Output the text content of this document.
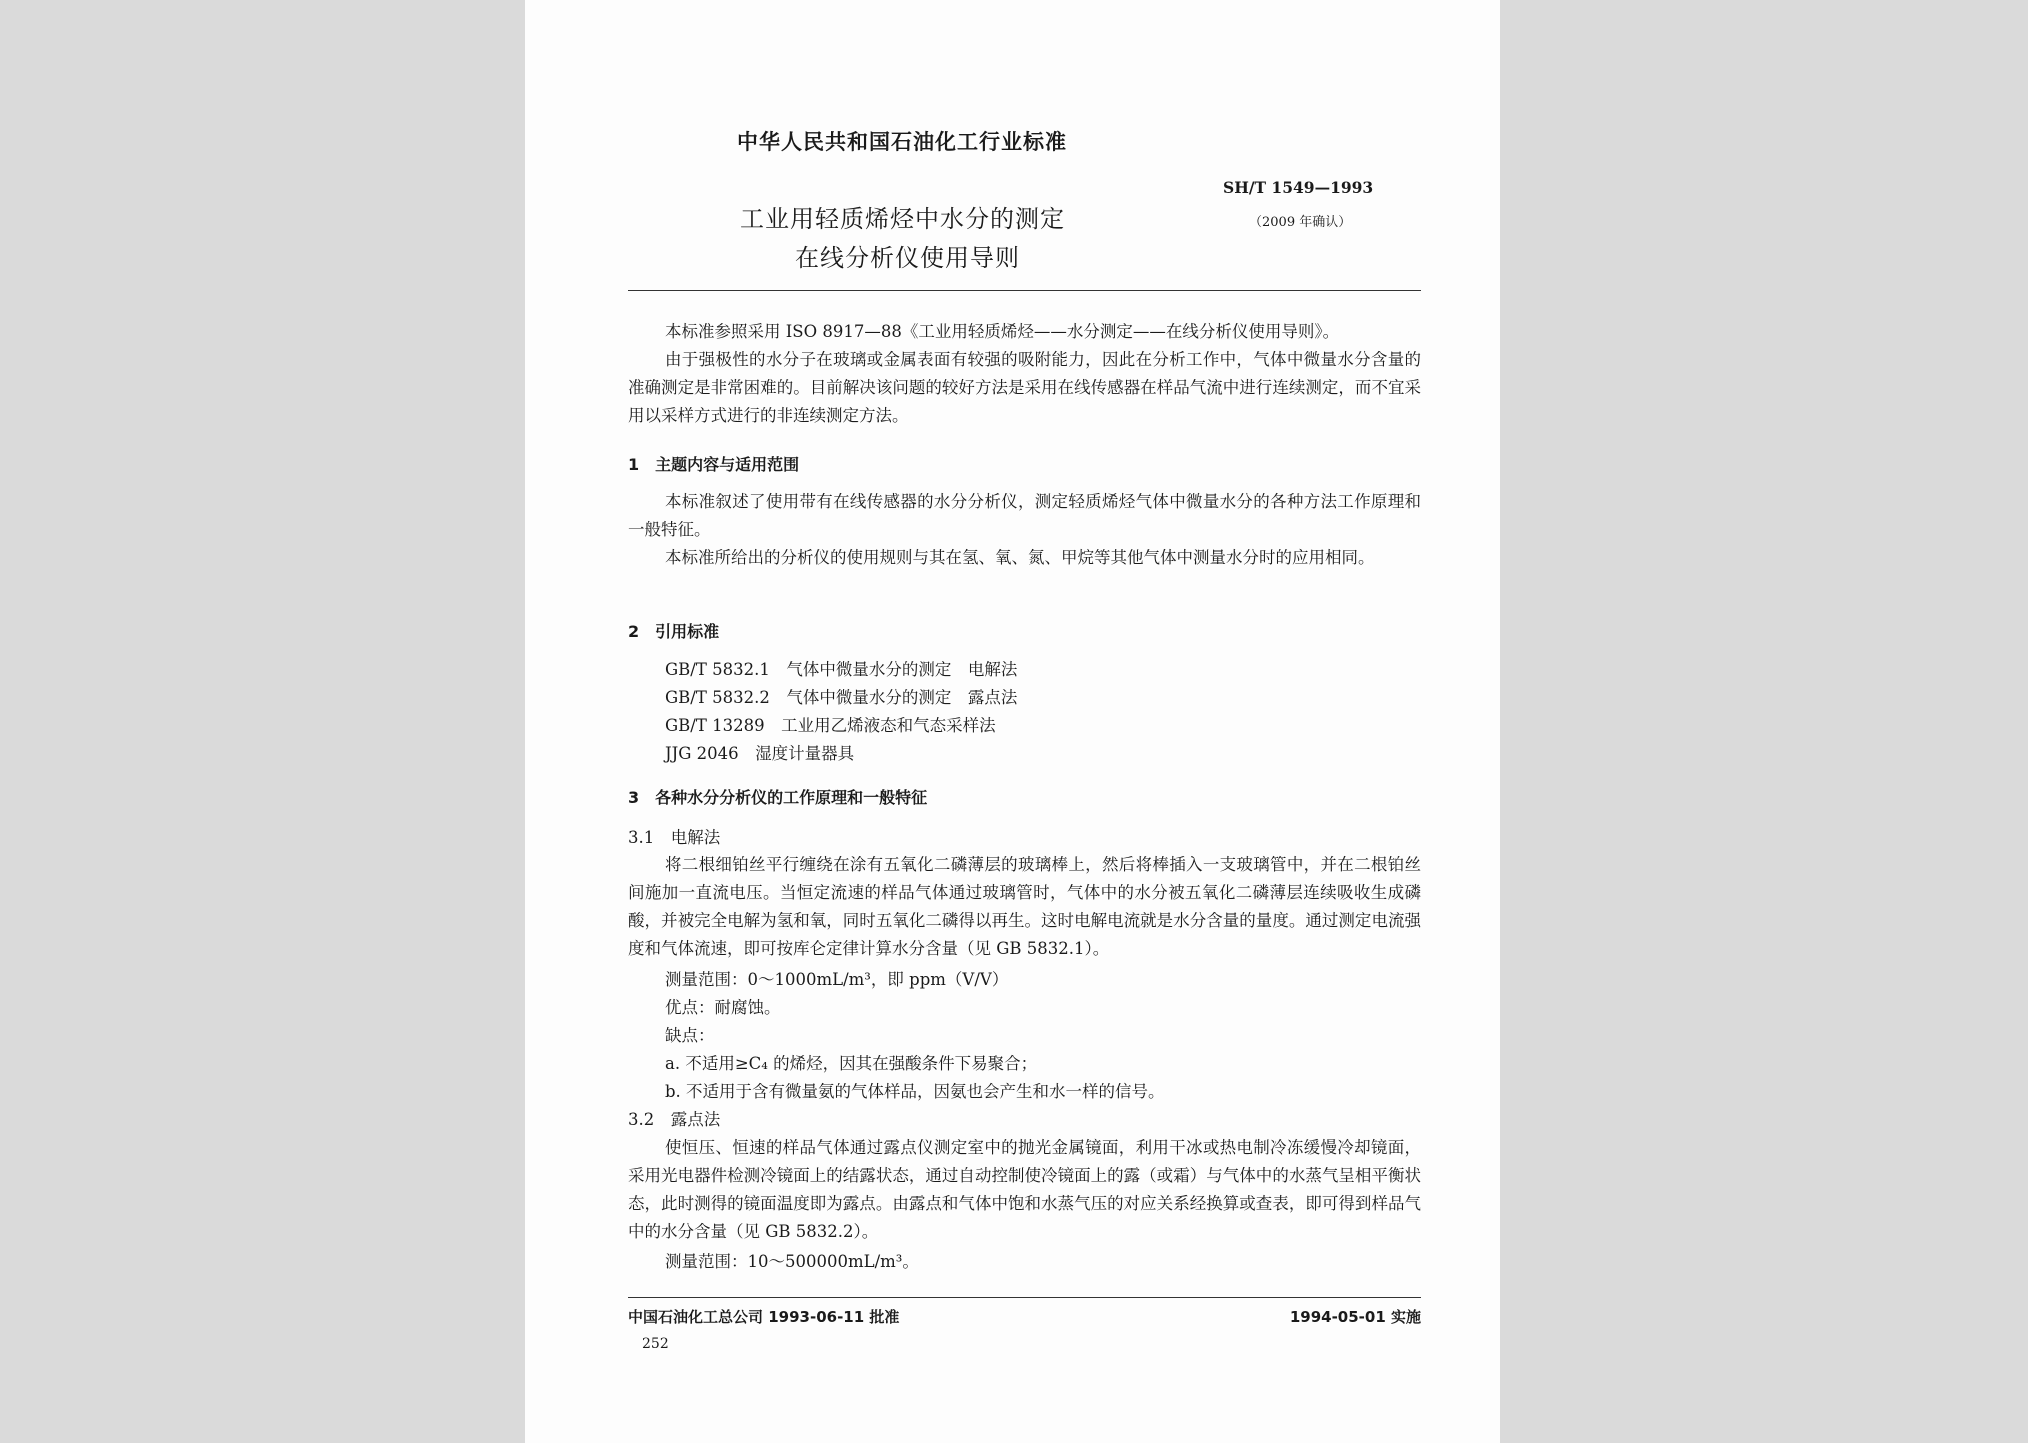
中华人民共和国石油化工行业标准
SH/T 1549—1993
（2009 年确认）
工业用轻质烯烃中水分的测定
在线分析仪使用导则
本标准参照采用 ISO 8917—88《工业用轻质烯烃——水分测定——在线分析仪使用导则》。
由于强极性的水分子在玻璃或金属表面有较强的吸附能力，因此在分析工作中，气体中微量水分含量的准确测定是非常困难的。目前解决该问题的较好方法是采用在线传感器在样品气流中进行连续测定，而不宜采用以采样方式进行的非连续测定方法。
1　主题内容与适用范围
本标准叙述了使用带有在线传感器的水分分析仪，测定轻质烯烃气体中微量水分的各种方法工作原理和一般特征。
本标准所给出的分析仪的使用规则与其在氢、氧、氮、甲烷等其他气体中测量水分时的应用相同。
2　引用标准
GB/T 5832.1　气体中微量水分的测定　电解法
GB/T 5832.2　气体中微量水分的测定　露点法
GB/T 13289　工业用乙烯液态和气态采样法
JJG 2046　湿度计量器具
3　各种水分分析仪的工作原理和一般特征
3.1　电解法
将二根细铂丝平行缠绕在涂有五氧化二磷薄层的玻璃棒上，然后将棒插入一支玻璃管中，并在二根铂丝间施加一直流电压。当恒定流速的样品气体通过玻璃管时，气体中的水分被五氧化二磷薄层连续吸收生成磷酸，并被完全电解为氢和氧，同时五氧化二磷得以再生。这时电解电流就是水分含量的量度。通过测定电流强度和气体流速，即可按库仑定律计算水分含量（见 GB 5832.1）。
测量范围：0～1000mL/m³，即 ppm（V/V）
优点：耐腐蚀。
缺点：
a. 不适用≥C₄ 的烯烃，因其在强酸条件下易聚合；
b. 不适用于含有微量氨的气体样品，因氨也会产生和水一样的信号。
3.2　露点法
使恒压、恒速的样品气体通过露点仪测定室中的抛光金属镜面，利用干冰或热电制冷冻缓慢冷却镜面，采用光电器件检测冷镜面上的结露状态，通过自动控制使冷镜面上的露（或霜）与气体中的水蒸气呈相平衡状态，此时测得的镜面温度即为露点。由露点和气体中饱和水蒸气压的对应关系经换算或查表，即可得到样品气中的水分含量（见 GB 5832.2）。
测量范围：10～500000mL/m³。
中国石油化工总公司 1993-06-11 批准	1994-05-01 实施
252
